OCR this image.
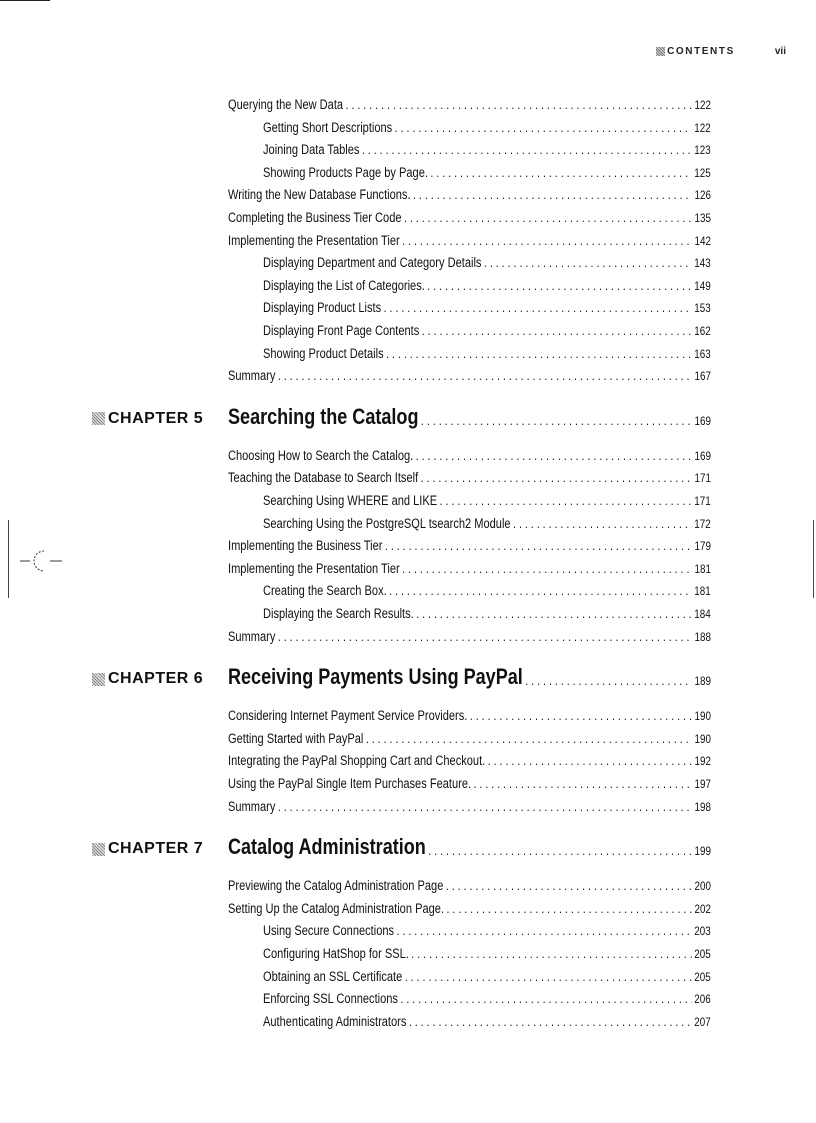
CONTENTS	vii
Querying the New Data . . .	122
Getting Short Descriptions . . .	122
Joining Data Tables . . .	123
Showing Products Page by Page. . . .	125
Writing the New Database Functions. . . .	126
Completing the Business Tier Code . . .	135
Implementing the Presentation Tier . . .	142
Displaying Department and Category Details . . .	143
Displaying the List of Categories. . . .	149
Displaying Product Lists . . .	153
Displaying Front Page Contents . . .	162
Showing Product Details . . .	163
Summary . . .	167
CHAPTER 5 Searching the Catalog . . .	169
Choosing How to Search the Catalog. . . .	169
Teaching the Database to Search Itself . . .	171
Searching Using WHERE and LIKE . . .	171
Searching Using the PostgreSQL tsearch2 Module . . .	172
Implementing the Business Tier . . .	179
Implementing the Presentation Tier . . .	181
Creating the Search Box. . . .	181
Displaying the Search Results. . . .	184
Summary . . .	188
CHAPTER 6 Receiving Payments Using PayPal . . .	189
Considering Internet Payment Service Providers. . . .	190
Getting Started with PayPal . . .	190
Integrating the PayPal Shopping Cart and Checkout. . . .	192
Using the PayPal Single Item Purchases Feature. . . .	197
Summary . . .	198
CHAPTER 7 Catalog Administration . . .	199
Previewing the Catalog Administration Page . . .	200
Setting Up the Catalog Administration Page. . . .	202
Using Secure Connections . . .	203
Configuring HatShop for SSL. . . .	205
Obtaining an SSL Certificate . . .	205
Enforcing SSL Connections . . .	206
Authenticating Administrators . . .	207
